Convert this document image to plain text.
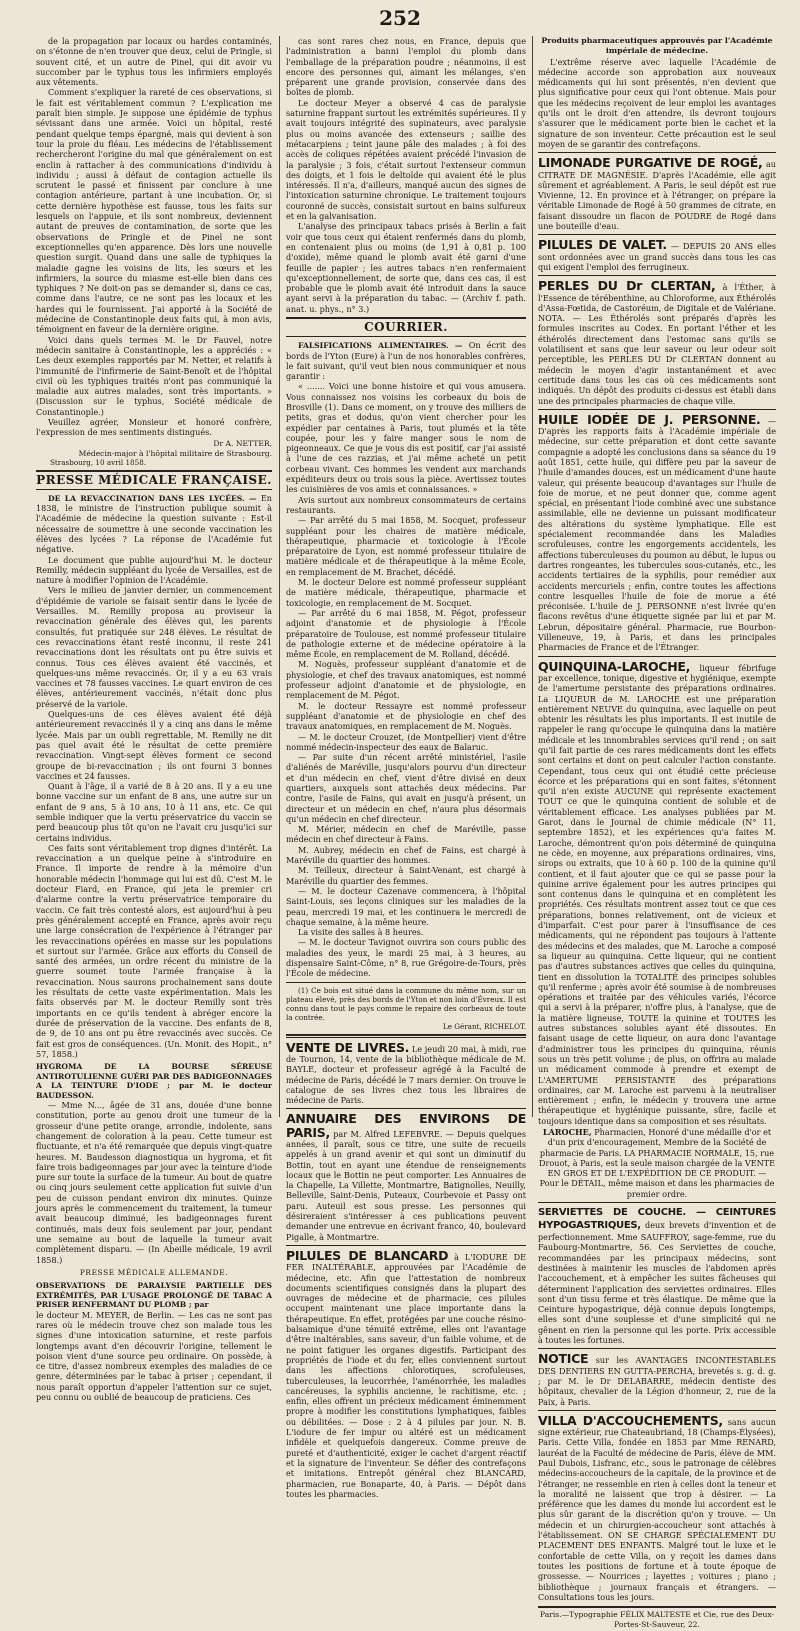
252

de la propagation par locaux ou hardes contaminés, on s'étonne de n'en trouver que deux, celui de Pringle, si souvent cité, et un autre de Pinel, qui dit avoir vu succomber par le typhus tous les infirmiers employés aux vêtements.

Comment s'expliquer la rareté de ces observations, si le fait est véritablement commun ? L'explication me paraît bien simple. Je suppose une épidémie de typhus sévissant dans une armée. Voici un hôpital, resté pendant quelque temps épargné, mais qui devient à son tour la proie du fléau. Les médecins de l'établissement rechercheront l'origine du mal que généralement on est enclin à rattacher à des communications d'individu à individu ; aussi à défaut de contagion actuelle ils scrutent le passé et finissent par conclure à une contagion antérieure, partant à une incubation. Or, si cette dernière hypothèse est fausse, tous les faits sur lesquels on l'appuie, et ils sont nombreux, deviennent autant de preuves de contamination, de sorte que les observations de Pringle et de Pinel ne sont exceptionnelles qu'en apparence. Dès lors une nouvelle question surgit. Quand dans une salle de typhiques la maladie gagne les voisins de lits, les sœurs et les infirmiers, la source du miasme est-elle bien dans ces typhiques ? Ne doit-on pas se demander si, dans ce cas, comme dans l'autre, ce ne sont pas les locaux et les hardes qui le fournissent. J'ai apporté à la Société de médecine de Constantinople deux faits qui, à mon avis, témoignent en faveur de la dernière origine.

Voici dans quels termes M. le Dr Fauvel, notre médecin sanitaire à Constantinople, les a appréciés : « Les deux exemples rapportés par M. Netter, et relatifs à l'immunité de l'infirmerie de Saint-Benoît et de l'hôpital civil où les typhiques traités n'ont pas communiqué la maladie aux autres malades, sont très importants. » (Discussion sur le typhus, Société médicale de Constantinople.)

Veuillez agréer, Monsieur et honoré confrère, l'expression de mes sentiments distingués.

Dr A. NETTER,
Médecin-major à l'hôpital militaire de Strasbourg.
Strasbourg, 10 avril 1858.
PRESSE MÉDICALE FRANÇAISE.

DE LA REVACCINATION DANS LES LYCÉES. — En 1838, le ministre de l'instruction publique soumit à l'Académie de médecine la question suivante : Est-il nécessaire de soumettre à une seconde vaccination les élèves des lycées ? La réponse de l'Académie fut négative.

Le document que publie aujourd'hui M. le docteur Remilly, médecin suppléant du lycée de Versailles, est de nature à modifier l'opinion de l'Académie.

Vers le milieu de janvier dernier, un commencement d'épidémie de variole se faisait sentir dans le lycée de Versailles. M. Remilly proposa au proviseur la revaccination générale des élèves qui, les parents consultés, fut pratiquée sur 248 élèves. Le résultat de ces revaccinations étant resté inconnu, il reste 241 revaccinations dont les résultats ont pu être suivis et connus. Tous ces élèves avaient été vaccinés, et quelques-uns même revaccinés. Or, il y a eu 63 vrais vaccines et 78 fausses vaccines. Le quart environ de ces élèves, antérieurement vaccinés, n'était donc plus préservé de la variole.

Quelques-uns de ces élèves avaient été déjà antérieurement revaccinés il y a cinq ans dans le même lycée. Mais par un oubli regrettable, M. Remilly ne dit pas quel avait été le résultat de cette première revaccination. Vingt-sept élèves forment ce second groupe de bi-revaccination ; ils ont fourni 3 bonnes vaccines et 24 fausses.

Quant à l'âge, il a varié de 8 à 20 ans. Il y a eu une bonne vaccine sur un enfant de 8 ans, une autre sur un enfant de 9 ans, 5 à 10 ans, 10 à 11 ans, etc. Ce qui semble indiquer que la vertu préservatrice du vaccin se perd beaucoup plus tôt qu'on ne l'avait cru jusqu'ici sur certains individus.

Ces faits sont véritablement trop dignes d'intérêt. La revaccination a un quelque peine à s'introduire en France. Il importe de rendre à la mémoire d'un honorable médecin l'hommage qui lui est dû. C'est M. le docteur Fiard, en France, qui jeta le premier cri d'alarme contre la vertu préservatrice temporaire du vaccin. Ce fait très contesté alors, est aujourd'hui à peu près généralement accepté en France, après avoir reçu une large consécration de l'expérience à l'étranger par les revaccinations opérées en masse sur les populations et surtout sur l'armée. Grâce aux efforts du Conseil de santé des armées, un ordre récent du ministre de la guerre soumet toute l'armée française à la revaccination. Nous saurons prochainement sans doute les résultats de cette vaste expérimentation. Mais les faits observés par M. le docteur Remilly sont très importants en ce qu'ils tendent à abréger encore la durée de préservation de la vaccine. Des enfants de 8, de 9, de 10 ans ont pu être revaccinés avec succès. Ce fait est gros de conséquences. (Un. Monit. des Hopit., n° 57, 1858.)

HYGROMA DE LA BOURSE SÉREUSE ANTIROTULIENNE GUÉRI PAR DES BADIGEONNAGES A LA TEINTURE D'IODE ; par M. le docteur BAUDESSON.

— Mme N..., âgée de 31 ans, douée d'une bonne constitution, porte au genou droit une tumeur de la grosseur d'une petite orange, arrondie, indolente, sans changement de coloration à la peau. Cette tumeur est fluctuante, et n'a été remarquée que depuis vingt-quatre heures. M. Baudesson diagnostiqua un hygroma, et fit faire trois badigeonnages par jour avec la teinture d'iode pure sur toute la surface de la tumeur. Au bout de quatre ou cinq jours seulement cette application fut suivie d'un peu de cuisson pendant environ dix minutes. Quinze jours après le commencement du traitement, la tumeur avait beaucoup diminué, les badigeonnages furent continués, mais deux fois seulement par jour, pendant une semaine au bout de laquelle la tumeur avait complètement disparu. — (In Abeille médicale, 19 avril 1858.)

PRESSE MÉDICALE ALLEMANDE.
OBSERVATIONS DE PARALYSIE PARTIELLE DES EXTRÉMITÉS, PAR L'USAGE PROLONGÉ DE TABAC A PRISER RENFERMANT DU PLOMB ; par

le docteur M. MEYER, de Berlin. — Les cas ne sont pas rares où le médecin trouve chez son malade tous les signes d'une intoxication saturnine, et reste parfois longtemps avant d'en découvrir l'origine, tellement le poison vient d'une source peu ordinaire. On possède, à ce titre, d'assez nombreux exemples des maladies de ce genre, déterminées par le tabac à priser ; cependant, il nous paraît opportun d'appeler l'attention sur ce sujet, peu connu ou oublié de beaucoup de praticiens. Ces

cas sont rares chez nous, en France, depuis que l'administration a banni l'emploi du plomb dans l'emballage de la préparation poudre ; néanmoins, il est encore des personnes qui, aimant les mélanges, s'en préparent une grande provision, conservée dans des boîtes de plomb.

Le docteur Meyer a observé 4 cas de paralysie saturnine frappant surtout les extrémités supérieures. Il y avait toujours intégrité des supinateurs, avec paralysie plus ou moins avancée des extenseurs ; saillie des métacarpiens ; teint jaune pâle des malades ; à foi des accès de coliques répétées avaient précédé l'invasion de la paralysie ; 3 fois, c'était surtout l'extenseur commun des doigts, et 1 fois le deltoïde qui avaient été le plus intéressés. Il n'a, d'ailleurs, manqué aucun des signes de l'intoxication saturnine chronique. Le traitement toujours couronné de succès, consistait surtout en bains sulfureux et en la galvanisation.

L'analyse des principaux tabacs prisés à Berlin a fait voir que tous ceux qui étaient renfermés dans du plomb, en contenaient plus ou moins (de 1,91 à 0,81 p. 100 d'oxide), même quand le plomb avait été garni d'une feuille de papier ; les autres tabacs n'en renfermaient qu'exceptionnellement, de sorte que, dans ces cas, il est probable que le plomb avait été introduit dans la sauce ayant servi à la préparation du tabac. — (Archiv f. path. anat. u. phys., n° 3.)

COURRIER.

FALSIFICATIONS ALIMENTAIRES. — On écrit des bords de l'Yton (Eure) à l'un de nos honorables confrères, le fait suivant, qu'il veut bien nous communiquer et nous garantir :

« ....... Voici une bonne histoire et qui vous amusera. Vous connaissez nos voisins les corbeaux du bois de Brosville (1). Dans ce moment, on y trouve des milliers de petits, gras et dodus, qu'on vient chercher pour les expédier par centaines à Paris, tout plumés et la tête coupée, pour les y faire manger sous le nom de pigeonneaux. Ce que je vous dis est positif, car j'ai assisté à l'une de ces razzias, et j'ai même acheté un petit corbeau vivant. Ces hommes les vendent aux marchands expéditeurs deux ou trois sous la pièce. Avertissez toutes les cuisinières de vos amis et connaissances. »

Avis surtout aux nombreux consommateurs de certains restaurants.

— Par arrêté du 5 mai 1858, M. Socquet, professeur suppléant pour les chaires de matière médicale, thérapeutique, pharmacie et toxicologie à l'École préparatoire de Lyon, est nommé professeur titulaire de matière médicale et de thérapeutique à la même École, en remplacement de M. Brachet, décédé.

M. le docteur Delore est nommé professeur suppléant de matière médicale, thérapeutique, pharmacie et toxicologie, en remplacement de M. Socquet.

— Par arrêté du 6 mai 1858, M. Pégot, professeur adjoint d'anatomie et de physiologie à l'École préparatoire de Toulouse, est nommé professeur titulaire de pathologie externe et de médecine opératoire à la même École, en remplacement de M. Rolland, décédé.

M. Noguès, professeur suppléant d'anatomie et de physiologie, et chef des travaux anatomiques, est nommé professeur adjoint d'anatomie et de physiologie, en remplacement de M. Pégot.

M. le docteur Ressayre est nommé professeur suppléant d'anatomie et de physiologie en chef des travaux anatomiques, en remplacement de M. Noguès.

— M. le docteur Crouzet, (de Montpellier) vient d'être nommé médecin-inspecteur des eaux de Balaruc.

— Par suite d'un récent arrêté ministériel, l'asile d'aliénés de Maréville, jusqu'alors pourvu d'un directeur et d'un médecin en chef, vient d'être divisé en deux quartiers, auxquels sont attachés deux médecins. Par contre, l'asile de Fains, qui avait en jusqu'à présent, un directeur et un médecin en chef, n'aura plus désormais qu'un médecin en chef directeur.

M. Mérier, médecin en chef de Maréville, passe médecin en chef directeur à Fains.

M. Aubrey, médecin en chef de Fains, est chargé à Maréville du quartier des hommes.

M. Teilleux, directeur à Saint-Venant, est chargé à Maréville du quartier des femmes.

— M. le docteur Cazenave commencera, à l'hôpital Saint-Louis, ses leçons cliniques sur les maladies de la peau, mercredi 19 mai, et les continuera le mercredi de chaque semaine, à la même heure.

La visite des salles à 8 heures.

— M. le docteur Tavignot ouvrira son cours public des maladies des yeux, le mardi 25 mai, à 3 heures, au dispensaire Saint-Côme, n° 8, rue Grégoire-de-Tours, près l'École de médecine.

(1) Ce bois est situé dans la commune du même nom, sur un plateau élevé, près des bords de l'Yton et non loin d'Évreux. Il est connu dans tout le pays comme le repaire des corbeaux de toute la contrée.

Le Gérant, RICHELOT.

VENTE DE LIVRES. Le jeudi 20 mai, à midi, rue de Tournon, 14, vente de la bibliothèque médicale de M. BAYLE, docteur et professeur agrégé à la Faculté de médecine de Paris, décédé le 7 mars dernier. On trouve le catalogue de ses livres chez tous les libraires de médecine de Paris.

ANNUAIRE DES ENVIRONS DE PARIS, par M. Alfred LEFEBVRE. — Depuis quelques années, il paraît, sous ce titre, une suite de recueils appelés à un grand avenir et qui sont un diminutif du Bottin, tout en ayant une étendue de renseignements locaux que le Bottin ne peut comporter. Les Annuaires de la Chapelle, La Villette, Montmartre, Batignolles, Neuilly, Belleville, Saint-Denis, Puteaux, Courbevoie et Passy ont paru. Auteuil est sous presse. Les personnes qui désireraient s'intéresser à ces publications peuvent demander une entrevue en écrivant franco, 40, boulevard Pigalle, à Montmartre.

PILULES DE BLANCARD à L'IODURE DE FER INALTÉRABLE, approuvées par l'Académie de médecine, etc. Afin que l'attestation de nombreux documents scientifiques consignés dans la plupart des ouvrages de médecine et de pharmacie, ces pilules occupent maintenant une place importante dans la thérapeutique. En effet, protégées par une couche résino-balsamique d'une ténuité extrême, elles ont l'avantage d'être inaltérables, sans saveur, d'un faible volume, et de ne point fatiguer les organes digestifs. Participant des propriétés de l'iode et du fer, elles conviennent surtout dans les affections chlorotiques, scrofuleuses, tuberculeuses, la leucorrhée, l'aménorrhée, les maladies cancéreuses, la syphilis ancienne, le rachitisme, etc. ; enfin, elles offrent un précieux médicament éminemment propre à modifier les constitutions lymphatiques, faibles ou débilitées. — Dose : 2 à 4 pilules par jour. N. B. L'iodure de fer impur ou altéré est un médicament infidèle et quelquefois dangereux. Comme preuve de pureté et d'authenticité, exiger le cachet d'argent réactif et la signature de l'inventeur. Se défier des contrefaçons et imitations. Entrepôt général chez BLANCARD, pharmacien, rue Bonaparte, 40, à Paris. — Dépôt dans toutes les pharmacies.

Produits pharmaceutiques approuvés par l'Académie impériale de médecine.

L'extrême réserve avec laquelle l'Académie de médecine accorde son approbation aux nouveaux médicaments qui lui sont présentés, n'en devient que plus significative pour ceux qui l'ont obtenue. Mais pour que les médecins reçoivent de leur emploi les avantages qu'ils ont le droit d'en attendre, ils devront toujours s'assurer que le médicament porte bien le cachet et la signature de son inventeur. Cette précaution est le seul moyen de se garantir des contrefaçons.

LIMONADE PURGATIVE DE ROGÉ, au CITRATE DE MAGNÉSIE. D'après l'Académie, elle agit sûrement et agréablement. A Paris, le seul dépôt est rue Vivienne, 12. En province et à l'étranger, on prépare la véritable Limonade de Rogé à 50 grammes de citrate, en faisant dissoudre un flacon de POUDRE de Rogé dans une bouteille d'eau.

PILULES DE VALET. — DEPUIS 20 ANS elles sont ordonnées avec un grand succès dans tous les cas qui exigent l'emploi des ferrugineux.

PERLES DU Dr CLERTAN, à l'Éther, à l'Essence de térébenthine, au Chloroforme, aux Éthérolés d'Assa-Fœtida, de Castoréum, de Digitale et de Valériane. NOTA. — Les Éthérolés sont préparés d'après les formules inscrites au Codex. En portant l'éther et les éthérolés directement dans l'estomac sans qu'ils se volatilisent et sans que leur saveur ou leur odeur soit perceptible, les PERLES DU Dr CLERTAN donnent au médecin le moyen d'agir instantanément et avec certitude dans tous les cas où ces médicaments sont indiqués. Un dépôt des produits ci-dessus est établi dans une des principales pharmacies de chaque ville.

HUILE IODÉE DE J. PERSONNE. — D'après les rapports faits à l'Académie impériale de médecine, sur cette préparation et dont cette savante compagnie a adopté les conclusions dans sa séance du 19 août 1851, cette huile, qui diffère peu par la saveur de l'huile d'amandes douces, est un médicament d'une haute valeur, qui présente beaucoup d'avantages sur l'huile de foie de morue, et ne peut donner que, comme agent spécial, en présentant l'iode combiné avec une substance assimilable, elle ne devienne un puissant modificateur des altérations du système lymphatique. Elle est spécialement recommandée dans les Maladies scrofuleuses, contre les engorgements accidentels, les affections tuberculeuses du poumon au début, le lupus ou dartres rongeantes, les tubercules sous-cutanés, etc., les accidents tertiaires de la syphilis, pour remédier aux accidents mercuriels ; enfin, contre toutes les affections contre lesquelles l'huile de foie de morue a été préconisée. L'huile de J. PERSONNE n'est livrée qu'en flacons revêtus d'une étiquette signée par lui et par M. Lebrun, dépositaire général. Pharmacie, rue Bourbon-Villeneuve, 19, à Paris, et dans les principales Pharmacies de France et de l'Étranger.

QUINQUINA-LAROCHE, liqueur fébrifuge par excellence, tonique, digestive et hygiénique, exempte de l'amertume persistante des préparations ordinaires. La LIQUEUR de M. LAROCHE est une préparation entièrement NEUVE du quinquina, avec laquelle on peut obtenir les résultats les plus importants. Il est inutile de rappeler le rang qu'occupe le quinquina dans la matière médicale et les innombrables services qu'il rend ; on sait qu'il fait partie de ces rares médicaments dont les effets sont certains et dont on peut calculer l'action constante. Cependant, tous ceux qui ont étudié cette précieuse écorce et les préparations qui en sont faites, s'étonnent qu'il n'en existe AUCUNE qui représente exactement TOUT ce que le quinquina contient de soluble et de véritablement efficace. Les analyses publiées par M. Garot, dans le Journal de chimie médicale (N° 11, septembre 1852), et les expériences qu'a faites M. Laroche, démontrent qu'on pois déterminé de quinquina ne cède, en moyenne, aux préparations ordinaires, vins, sirops ou extraits, que 10 à 60 p. 100 de la quinine qu'il contient, et il faut ajouter que ce qui se passe pour la quinine arrive également pour les autres principes qui sont contenus dans le quinquina et en complètent les propriétés. Ces résultats montrent assez tout ce que ces préparations, bonnes relativement, ont de vicieux et d'imparfait. C'est pour parer à l'insuffisance de ces médicaments, qui ne répondent pas toujours à l'attente des médecins et des malades, que M. Laroche a composé sa liqueur au quinquina. Cette liqueur, qui ne contient pas d'autres substances actives que celles du quinquina, tient en dissolution la TOTALITÉ des principes solubles qu'il renferme ; après avoir été soumise à de nombreuses opérations et traitée par des véhicules variés, l'écorce qui a servi à la préparer, n'offre plus, à l'analyse, que de la matière ligneuse, TOUTE la quinine et TOUTES les autres substances solubles ayant été dissoutes. En faisant usage de cette liqueur, on aura donc l'avantage d'administrer tous les principes du quinquina, réunis sous un très petit volume ; de plus, on offrira au malade un médicament commode à prendre et exempt de L'AMERTUME PERSISTANTE des préparations ordinaires, car M. Laroche est parvenu à la neutraliser entièrement ; enfin, le médecin y trouvera une arme thérapeutique et hygiénique puissante, sûre, facile et toujours identique dans sa composition et ses résultats.

LAROCHE, Pharmacien, Honoré d'une médaille d'or et d'un prix d'encouragement, Membre de la Société de pharmacie de Paris. LA PHARMACIE NORMALE, 15, rue Drouot, à Paris, est la seule maison chargée de la VENTE EN GROS ET DE L'EXPÉDITION DE CE PRODUIT. — Pour le DÉTAIL, même maison et dans les pharmacies de premier ordre.

SERVIETTES DE COUCHE. — CEINTURES HYPOGASTRIQUES, deux brevets d'invention et de perfectionnement. Mme SAUFFROY, sage-femme, rue du Faubourg-Montmartre, 56. Ces Serviettes de couche, recommandées par les principaux médecins, sont destinées à maintenir les muscles de l'abdomen après l'accouchement, et à empêcher les suites fâcheuses qui déterminent l'application des serviettes ordinaires. Elles sont d'un tissu ferme et très élastique. De même que la Ceinture hypogastrique, déjà connue depuis longtemps, elles sont d'une souplesse et d'une simplicité qui ne gênent en rien la personne qui les porte. Prix accessible à toutes les fortunes.

NOTICE sur les AVANTAGES INCONTESTABLES DES DENTIERS EN GUTTA-PERCHA, brevetés s. g. d. g. ; par M. le Dr DELABARRE, médecin dentiste des hôpitaux, chevalier de la Légion d'honneur, 2, rue de la Paix, à Paris.

VILLA D'ACCOUCHEMENTS, sans aucun signe extérieur, rue Chateaubriand, 18 (Champs-Élysées), Paris. Cette Villa, fondée en 1853 par Mme RENARD, lauréat de la Faculté de médecine de Paris, élève de MM. Paul Dubois, Lisfranc, etc., sous le patronage de célèbres médecins-accoucheurs de la capitale, de la province et de l'étranger, ne ressemble en rien à celles dont la teneur et la moralité ne laissent que trop à désirer. — La préférence que les dames du monde lui accordent est le plus sûr garant de la discrétion qu'on y trouve. — Un médecin et un chirurgien-accoucheur sont attachés à l'établissement. ON SE CHARGE SPÉCIALEMENT DU PLACEMENT DES ENFANTS. Malgré tout le luxe et le confortable de cette Villa, on y reçoit les dames dans toutes les positions de fortune et à toute époque de grossesse. — Nourrices ; layettes ; voitures ; piano ; bibliothèque ; journaux français et étrangers. — Consultations tous les jours.

Paris.—Typographie FÉLIX MALTESTE et Cie, rue des Deux-Portes-St-Sauveur, 22.
